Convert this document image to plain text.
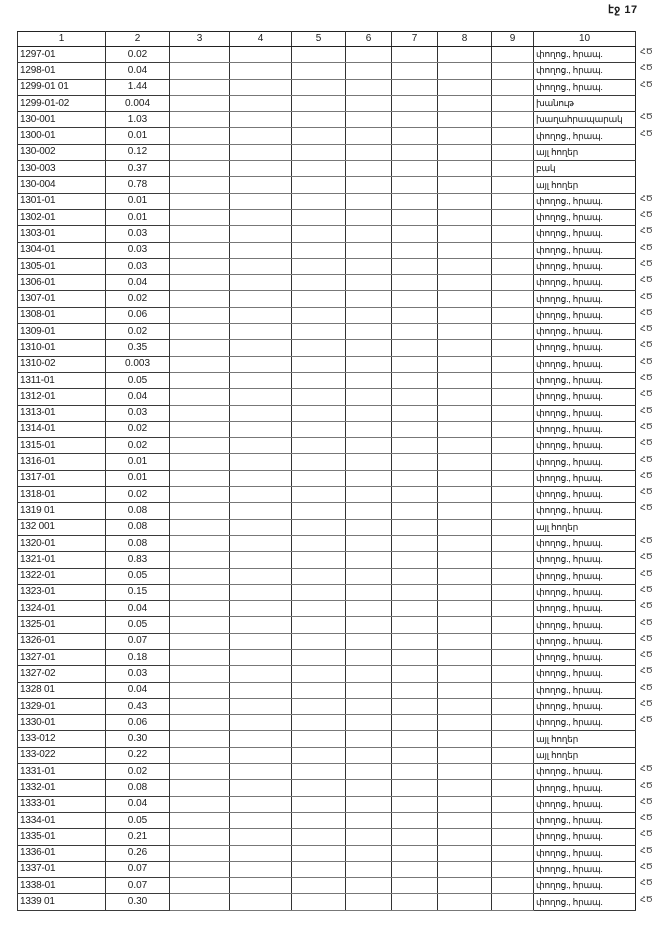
էջ 17
1	2	3	4	5	6	7	8	9	10
1297-01	0.02								փողոց., հրապ.
1298-01	0.04								փողոց., հրապ.
1299-01 01	1.44								փողոց., հրապ.
1299-01-02	0.004								խանութ
130-001	1.03								խաղահրապարակ
1300-01	0.01								փողոց., հրապ.
130-002	0.12								այլ հողեր
130-003	0.37								բակ
130-004	0.78								այլ հողեր
1301-01	0.01								փողոց., հրապ.
1302-01	0.01								փողոց., հրապ.
1303-01	0.03								փողոց., հրապ.
1304-01	0.03								փողոց., հրապ.
1305-01	0.03								փողոց., հրապ.
1306-01	0.04								փողոց., հրապ.
1307-01	0.02								փողոց., հրապ.
1308-01	0.06								փողոց., հրապ.
1309-01	0.02								փողոց., հրապ.
1310-01	0.35								փողոց., հրապ.
1310-02	0.003								փողոց., հրապ.
1311-01	0.05								փողոց., հրապ.
1312-01	0.04								փողոց., հրապ.
1313-01	0.03								փողոց., հրապ.
1314-01	0.02								փողոց., հրապ.
1315-01	0.02								փողոց., հրապ.
1316-01	0.01								փողոց., հրապ.
1317-01	0.01								փողոց., հրապ.
1318-01	0.02								փողոց., հրապ.
1319 01	0.08								փողոց., հրապ.
132 001	0.08								այլ հողեր
1320-01	0.08								փողոց., հրապ.
1321-01	0.83								փողոց., հրապ.
1322-01	0.05								փողոց., հրապ.
1323-01	0.15								փողոց., հրապ.
1324-01	0.04								փողոց., հրապ.
1325-01	0.05								փողոց., հրապ.
1326-01	0.07								փողոց., հրապ.
1327-01	0.18								փողոց., հրապ.
1327-02	0.03								փողոց., հրապ.
1328 01	0.04								փողոց., հրապ.
1329-01	0.43								փողոց., հրապ.
1330-01	0.06								փողոց., հրապ.
133-012	0.30								այլ հողեր
133-022	0.22								այլ հողեր
1331-01	0.02								փողոց., հրապ.
1332-01	0.08								փողոց., հրապ.
1333-01	0.04								փողոց., հրապ.
1334-01	0.05								փողոց., հրապ.
1335-01	0.21								փողոց., հրապ.
1336-01	0.26								փողոց., հրապ.
1337-01	0.07								փողոց., հրապ.
1338-01	0.07								փողոց., հրապ.
1339 01	0.30								փողոց., հրապ.
ՀԾ
ՀԾ
ՀԾ
ՀԾ
ՀԾ
ՀԾ
ՀԾ
ՀԾ
ՀԾ
ՀԾ
ՀԾ
ՀԾ
ՀԾ
ՀԾ
ՀԾ
ՀԾ
ՀԾ
ՀԾ
ՀԾ
ՀԾ
ՀԾ
ՀԾ
ՀԾ
ՀԾ
ՀԾ
ՀԾ
ՀԾ
ՀԾ
ՀԾ
ՀԾ
ՀԾ
ՀԾ
ՀԾ
ՀԾ
ՀԾ
ՀԾ
ՀԾ
ՀԾ
ՀԾ
ՀԾ
ՀԾ
ՀԾ
ՀԾ
ՀԾ
ՀԾ
ՀԾ
